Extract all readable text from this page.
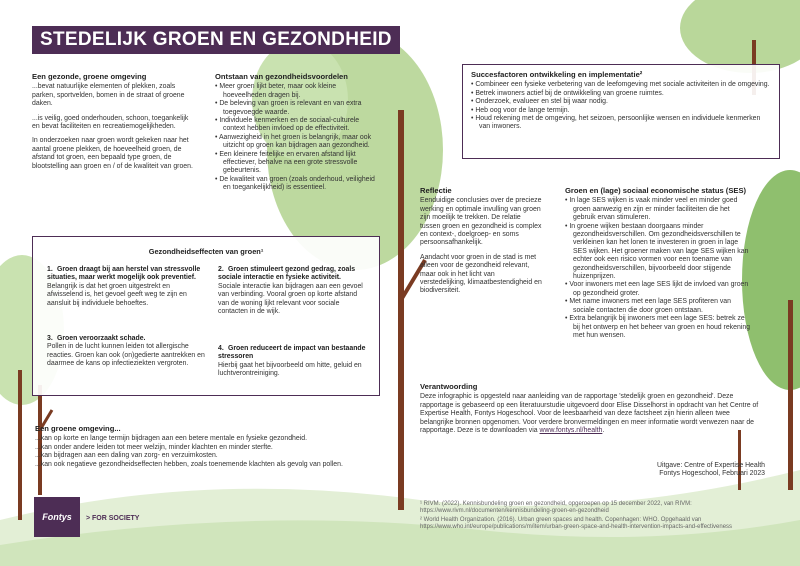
STEDELIJK GROEN EN GEZONDHEID
Een gezonde, groene omgeving

...bevat natuurlijke elementen of plekken, zoals parken, sportvelden, bomen in de straat of groene daken.

...is veilig, goed onderhouden, schoon, toegankelijk en bevat faciliteiten en recreatiemogelijkheden.

In onderzoeken naar groen wordt gekeken naar het aantal groene plekken, de hoeveelheid groen, de afstand tot groen, een bepaald type groen, de blootstelling aan groen en / of de kwaliteit van groen.

Ontstaan van gezondheidsvoordelen
• Meer groen lijkt beter, maar ook kleine hoeveelheden dragen bij.
• De beleving van groen is relevant en van extra toegevoegde waarde.
• Individuele kenmerken en de sociaal-culturele context hebben invloed op de effectiviteit.
• Aanwezigheid in het groen is belangrijk, maar ook uitzicht op groen kan bijdragen aan gezondheid.
• Een kleinere feitelijke en ervaren afstand lijkt effectiever, behalve na een grote stressvolle gebeurtenis.
• De kwaliteit van groen (zoals onderhoud, veiligheid en toegankelijkheid) is essentieel.
Succesfactoren ontwikkeling en implementatie²
• Combineer een fysieke verbetering van de leefomgeving met sociale activiteiten in de omgeving.
• Betrek inwoners actief bij de ontwikkeling van groene ruimtes.
• Onderzoek, evalueer en stel bij waar nodig.
• Heb oog voor de lange termijn.
• Houd rekening met de omgeving, het seizoen, persoonlijke wensen en individuele kenmerken van inwoners.
Gezondheidseffecten van groen¹
1. Groen draagt bij aan herstel van stressvolle situaties, maar werkt mogelijk ook preventief.
Belangrijk is dat het groen uitgestrekt en afwisselend is, het gevoel geeft weg te zijn en aansluit bij individuele behoeftes.
2. Groen stimuleert gezond gedrag, zoals sociale interactie en fysieke activiteit.
Sociale interactie kan bijdragen aan een gevoel van verbinding. Vooral groen op korte afstand van de woning lijkt relevant voor sociale contacten in de wijk.
3. Groen veroorzaakt schade.
Pollen in de lucht kunnen leiden tot allergische reacties. Groen kan ook (on)gedierte aantrekken en daarmee de kans op infectieziekten vergroten.
4. Groen reduceert de impact van bestaande stressoren
Hierbij gaat het bijvoorbeeld om hitte, geluid en luchtverontreiniging.
Reflectie

Eenduidige conclusies over de precieze werking en optimale invulling van groen zijn moeilijk te trekken. De relatie tussen groen en gezondheid is complex en context-, doelgroep- en soms persoonsafhankelijk.

Aandacht voor groen in de stad is met alleen voor de gezondheid relevant, maar ook in het licht van verstedelijking, klimaatbestendigheid en biodiversiteit.

Groen en (lage) sociaal economische status (SES)
• In lage SES wijken is vaak minder veel en minder goed groen aanwezig en zijn er minder faciliteiten die het gebruik ervan stimuleren.
• In groene wijken bestaan doorgaans minder gezondheidsverschillen. Om gezondheidsverschillen te verkleinen kan het lonen te investeren in groen in lage SES wijken. Het groener maken van lage SES wijken kan echter ook een risico vormen voor een toename van gezondheidsverschillen, bijvoorbeeld door stijgende huizenprijzen.
• Voor inwoners met een lage SES lijkt de invloed van groen op gezondheid groter.
• Met name inwoners met een lage SES profiteren van sociale contacten die door groen ontstaan.
• Extra belangrijk bij inwoners met een lage SES: betrek ze bij het ontwerp en het beheer van groen en houd rekening met hun wensen.
Een groene omgeving...
...kan op korte en lange termijn bijdragen aan een betere mentale en fysieke gezondheid.
...kan onder andere leiden tot meer welzijn, minder klachten en minder sterfte.
...kan bijdragen aan een daling van zorg- en verzuimkosten.
...kan ook negatieve gezondheidseffecten hebben, zoals toenemende klachten als gevolg van pollen.
Verantwoording
Deze infographic is opgesteld naar aanleiding van de rapportage 'stedelijk groen en gezondheid'. Deze rapportage is gebaseerd op een literatuurstudie uitgevoerd door Elise Disselhorst in opdracht van het Centre of Expertise Health, Fontys Hogeschool. Voor de leesbaarheid van deze factsheet zijn hierin alleen twee belangrijke bronnen opgenomen. Voor verdere bronvermeldingen en meer informatie wordt verwezen naar de rapportage. Deze is te downloaden via www.fontys.nl/health.
Uitgave: Centre of Expertise Health
Fontys Hogeschool, Februari 2023
¹ RIVM. (2022). Kennisbundeling groen en gezondheid, opgeroepen op 15 december 2022, van RIVM: https://www.rivm.nl/documenten/kennisbundeling-groen-en-gezondheid
² World Health Organization. (2016). Urban green spaces and health. Copenhagen: WHO. Opgehaald van https://www.who.int/europe/publications/m/item/urban-green-space-and-health-intervention-impacts-and-effectiveness
Fontys	> FOR SOCIETY
